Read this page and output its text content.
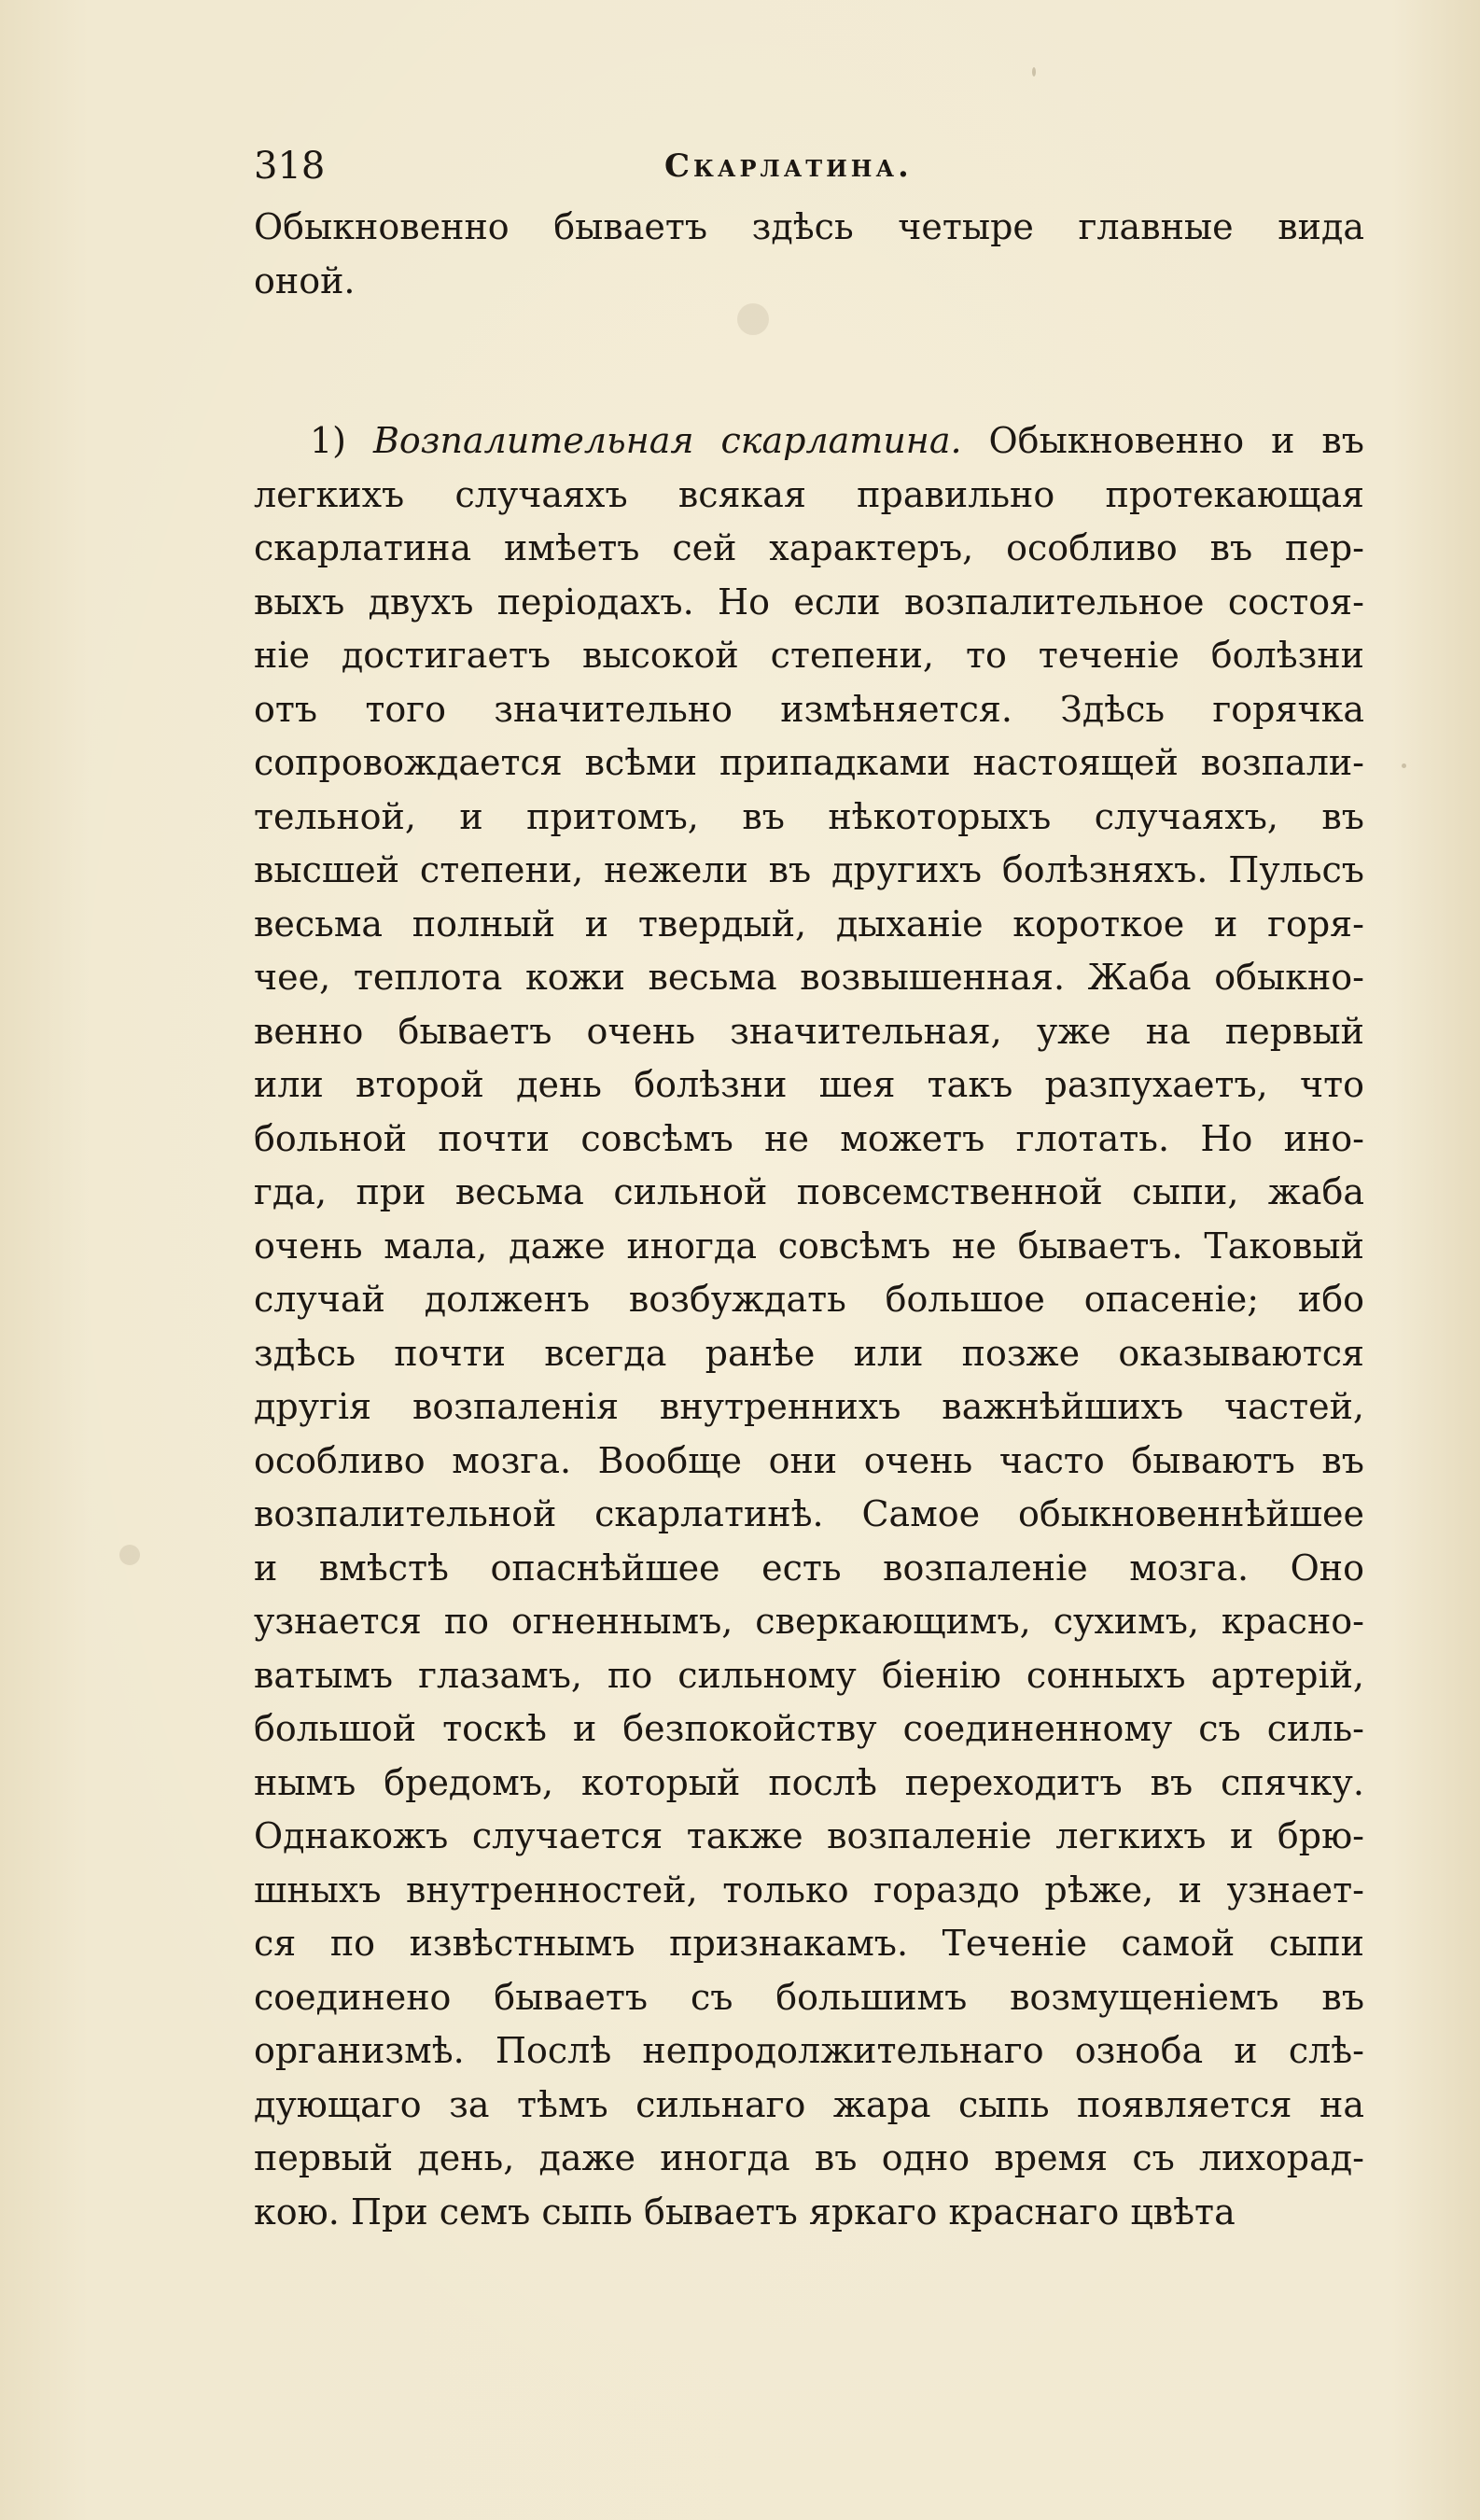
318	Скарлатина.
Обыкновенно бываетъ здѣсь четыре главные вида
оной.
1) Возпалительная скарлатина. Обыкновенно и въ
легкихъ случаяхъ всякая правильно протекающая
скарлатина имѣетъ сей характеръ, особливо въ пер-
выхъ двухъ періодахъ. Но если возпалительное состоя-
ніе достигаетъ высокой степени, то теченіе болѣзни
отъ того значительно измѣняется. Здѣсь горячка
сопровождается всѣми припадками настоящей возпали-
тельной, и притомъ, въ нѣкоторыхъ случаяхъ, въ
высшей степени, нежели въ другихъ болѣзняхъ. Пульсъ
весьма полный и твердый, дыханіе короткое и горя-
чее, теплота кожи весьма возвышенная. Жаба обыкно-
венно бываетъ очень значительная, уже на первый
или второй день болѣзни шея такъ разпухаетъ, что
больной почти совсѣмъ не можетъ глотать. Но ино-
гда, при весьма сильной повсемственной сыпи, жаба
очень мала, даже иногда совсѣмъ не бываетъ. Таковый
случай долженъ возбуждать большое опасеніе; ибо
здѣсь почти всегда ранѣе или позже оказываются
другія возпаленія внутреннихъ важнѣйшихъ частей,
особливо мозга. Вообще они очень часто бываютъ въ
возпалительной скарлатинѣ. Самое обыкновеннѣйшее
и вмѣстѣ опаснѣйшее есть возпаленіе мозга. Оно
узнается по огненнымъ, сверкающимъ, сухимъ, красно-
ватымъ глазамъ, по сильному біенію сонныхъ артерій,
большой тоскѣ и безпокойству соединенному съ силь-
нымъ бредомъ, который послѣ переходитъ въ спячку.
Однакожъ случается также возпаленіе легкихъ и брю-
шныхъ внутренностей, только гораздо рѣже, и узнает-
ся по извѣстнымъ признакамъ. Теченіе самой сыпи
соединено бываетъ съ большимъ возмущеніемъ въ
организмѣ. Послѣ непродолжительнаго озноба и слѣ-
дующаго за тѣмъ сильнаго жара сыпь появляется на
первый день, даже иногда въ одно время съ лихорад-
кою. При семъ сыпь бываетъ яркаго краснаго цвѣта
